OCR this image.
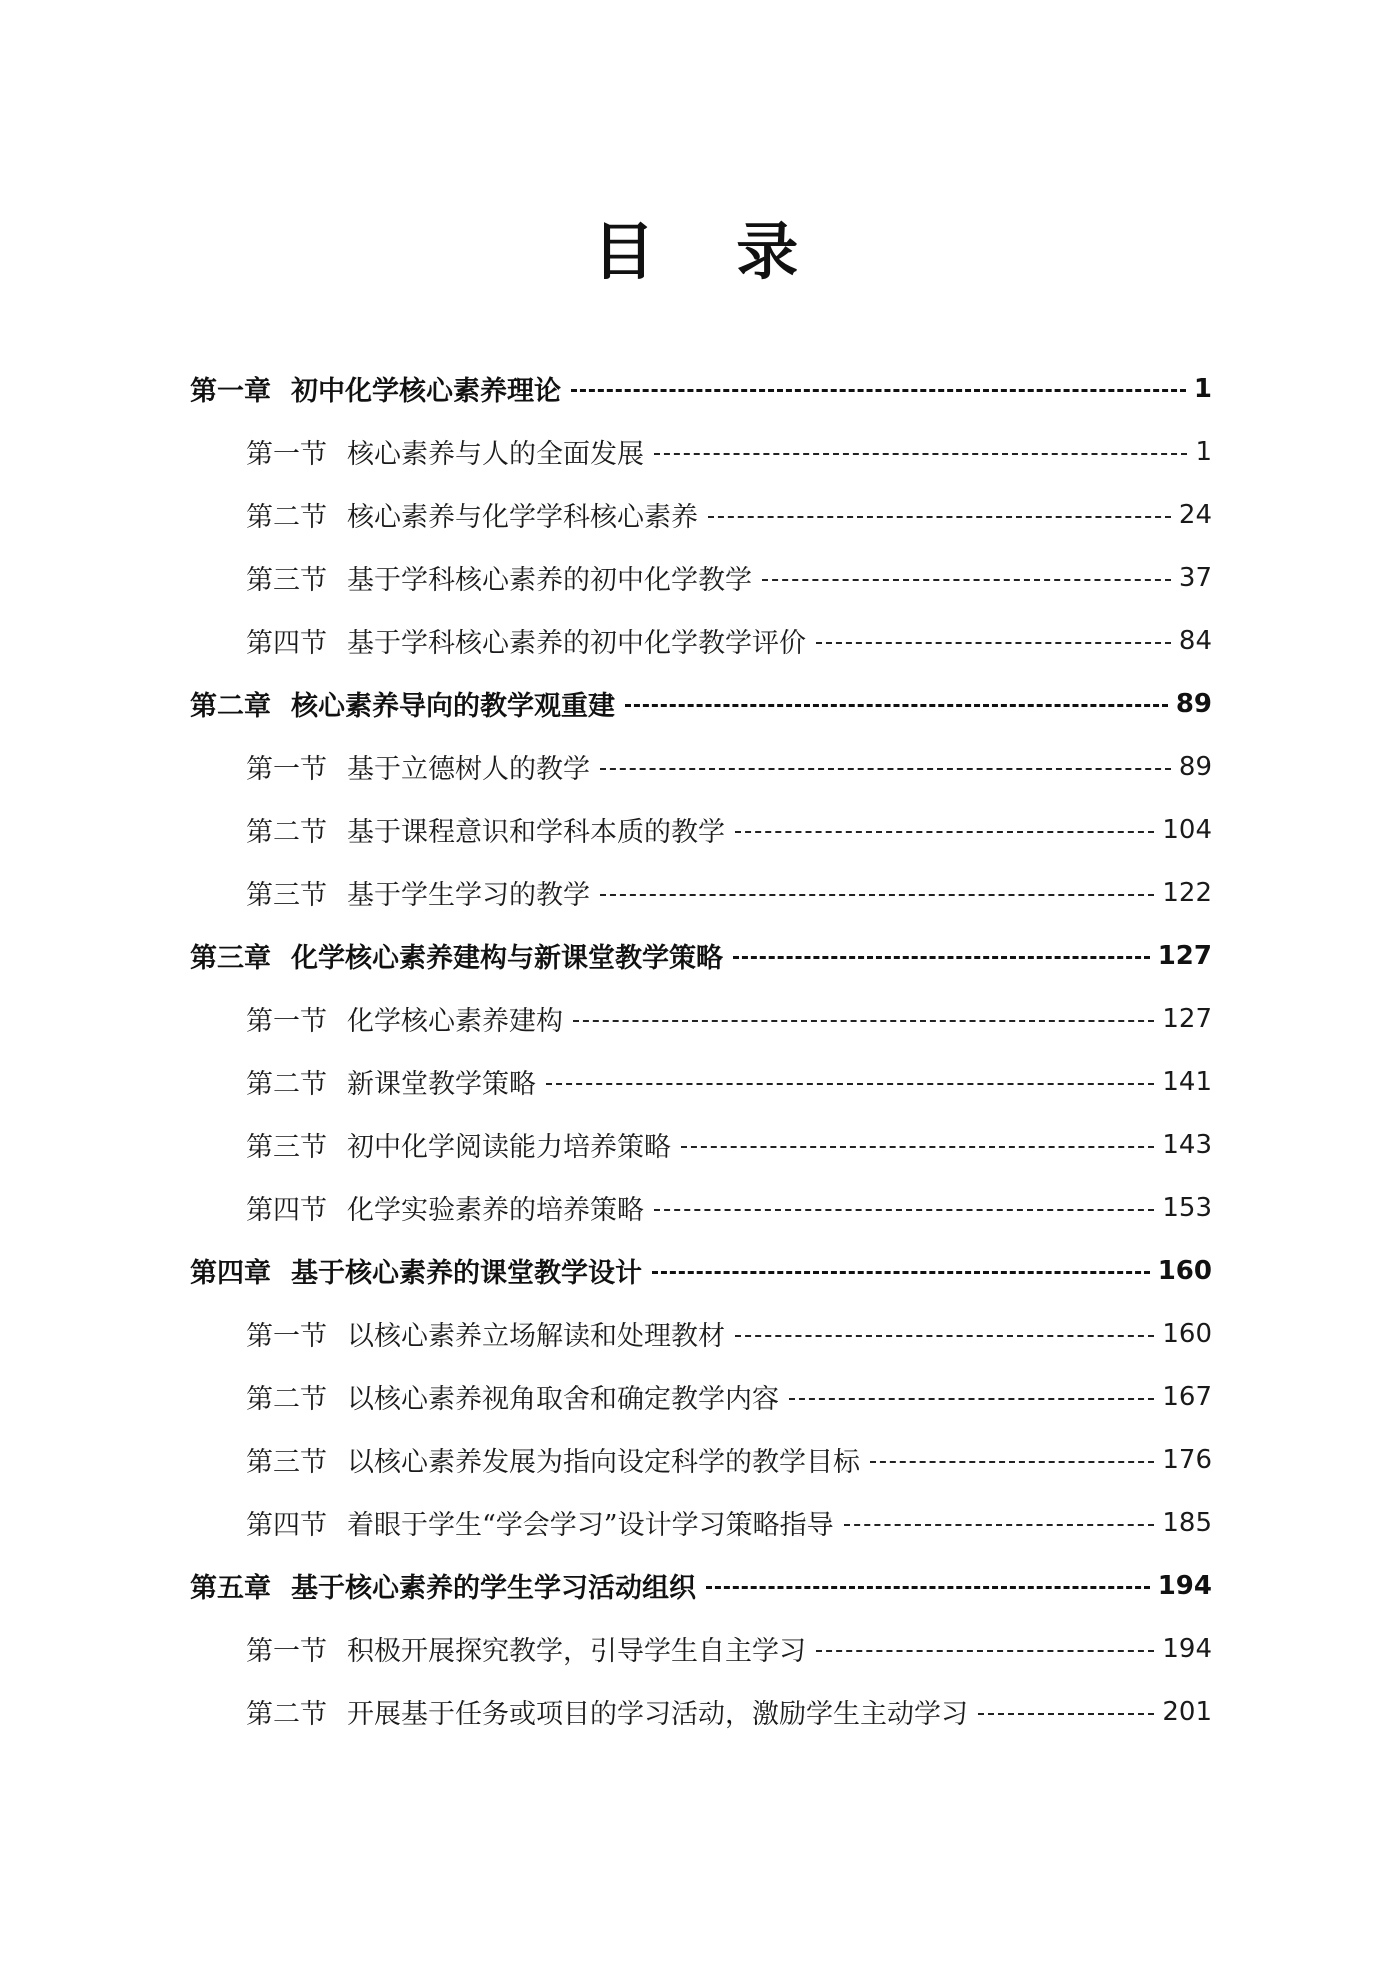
目 录
第一章 初中化学核心素养理论	1
第一节 核心素养与人的全面发展	1
第二节 核心素养与化学学科核心素养	24
第三节 基于学科核心素养的初中化学教学	37
第四节 基于学科核心素养的初中化学教学评价	84
第二章 核心素养导向的教学观重建	89
第一节 基于立德树人的教学	89
第二节 基于课程意识和学科本质的教学	104
第三节 基于学生学习的教学	122
第三章 化学核心素养建构与新课堂教学策略	127
第一节 化学核心素养建构	127
第二节 新课堂教学策略	141
第三节 初中化学阅读能力培养策略	143
第四节 化学实验素养的培养策略	153
第四章 基于核心素养的课堂教学设计	160
第一节 以核心素养立场解读和处理教材	160
第二节 以核心素养视角取舍和确定教学内容	167
第三节 以核心素养发展为指向设定科学的教学目标	176
第四节 着眼于学生“学会学习”设计学习策略指导	185
第五章 基于核心素养的学生学习活动组织	194
第一节 积极开展探究教学，引导学生自主学习	194
第二节 开展基于任务或项目的学习活动，激励学生主动学习	201
